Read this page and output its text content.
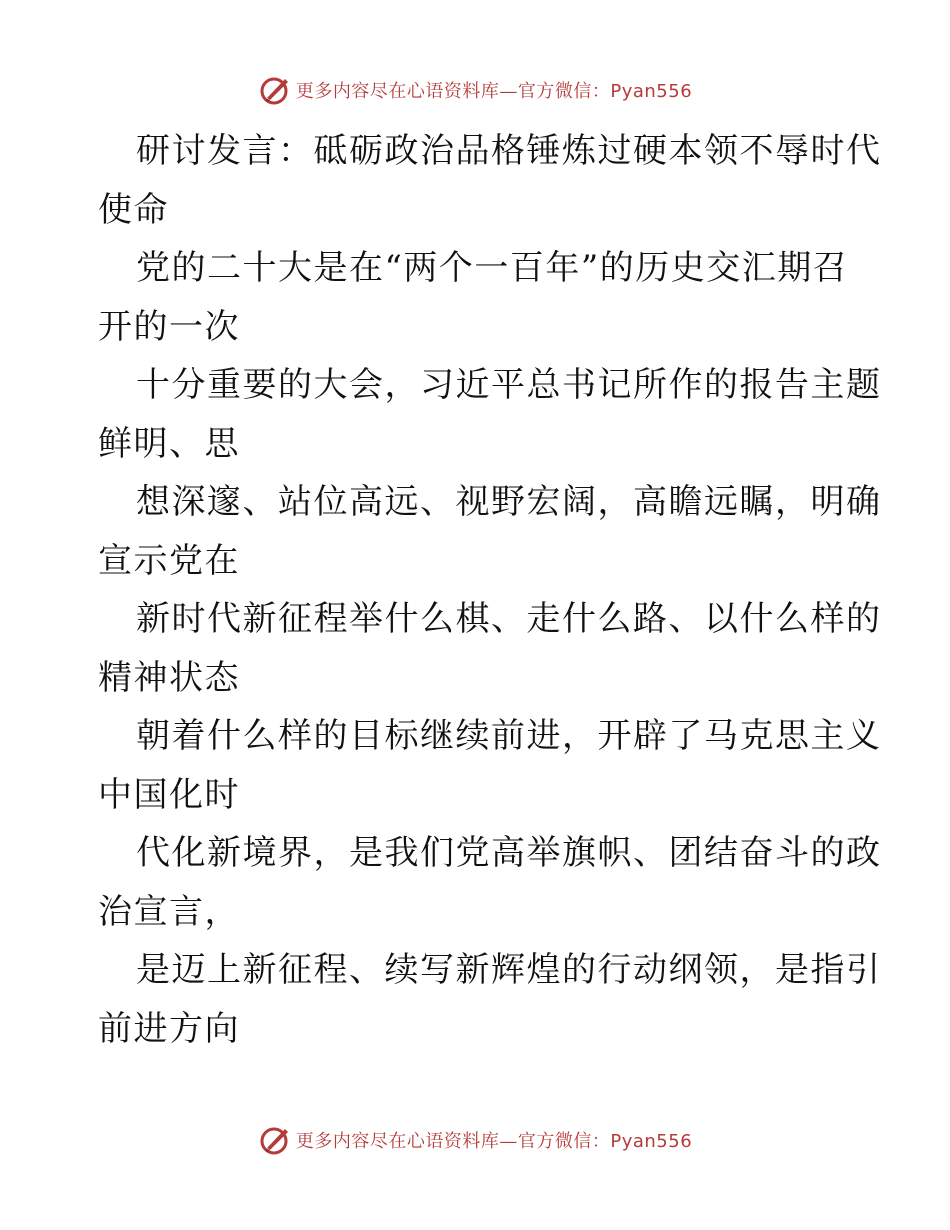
更多内容尽在心语资料库—官方微信：Pyan556

研讨发言：砥砺政治品格锤炼过硬本领不辱时代
使命

党的二十大是在“两个一百年”的历史交汇期召
开的一次

十分重要的大会，习近平总书记所作的报告主题
鲜明、思

想深邃、站位高远、视野宏阔，高瞻远瞩，明确
宣示党在

新时代新征程举什么棋、走什么路、以什么样的
精神状态

朝着什么样的目标继续前进，开辟了马克思主义
中国化时

代化新境界，是我们党高举旗帜、团结奋斗的政
治宣言，

是迈上新征程、续写新辉煌的行动纲领，是指引
前进方向

更多内容尽在心语资料库—官方微信：Pyan556
